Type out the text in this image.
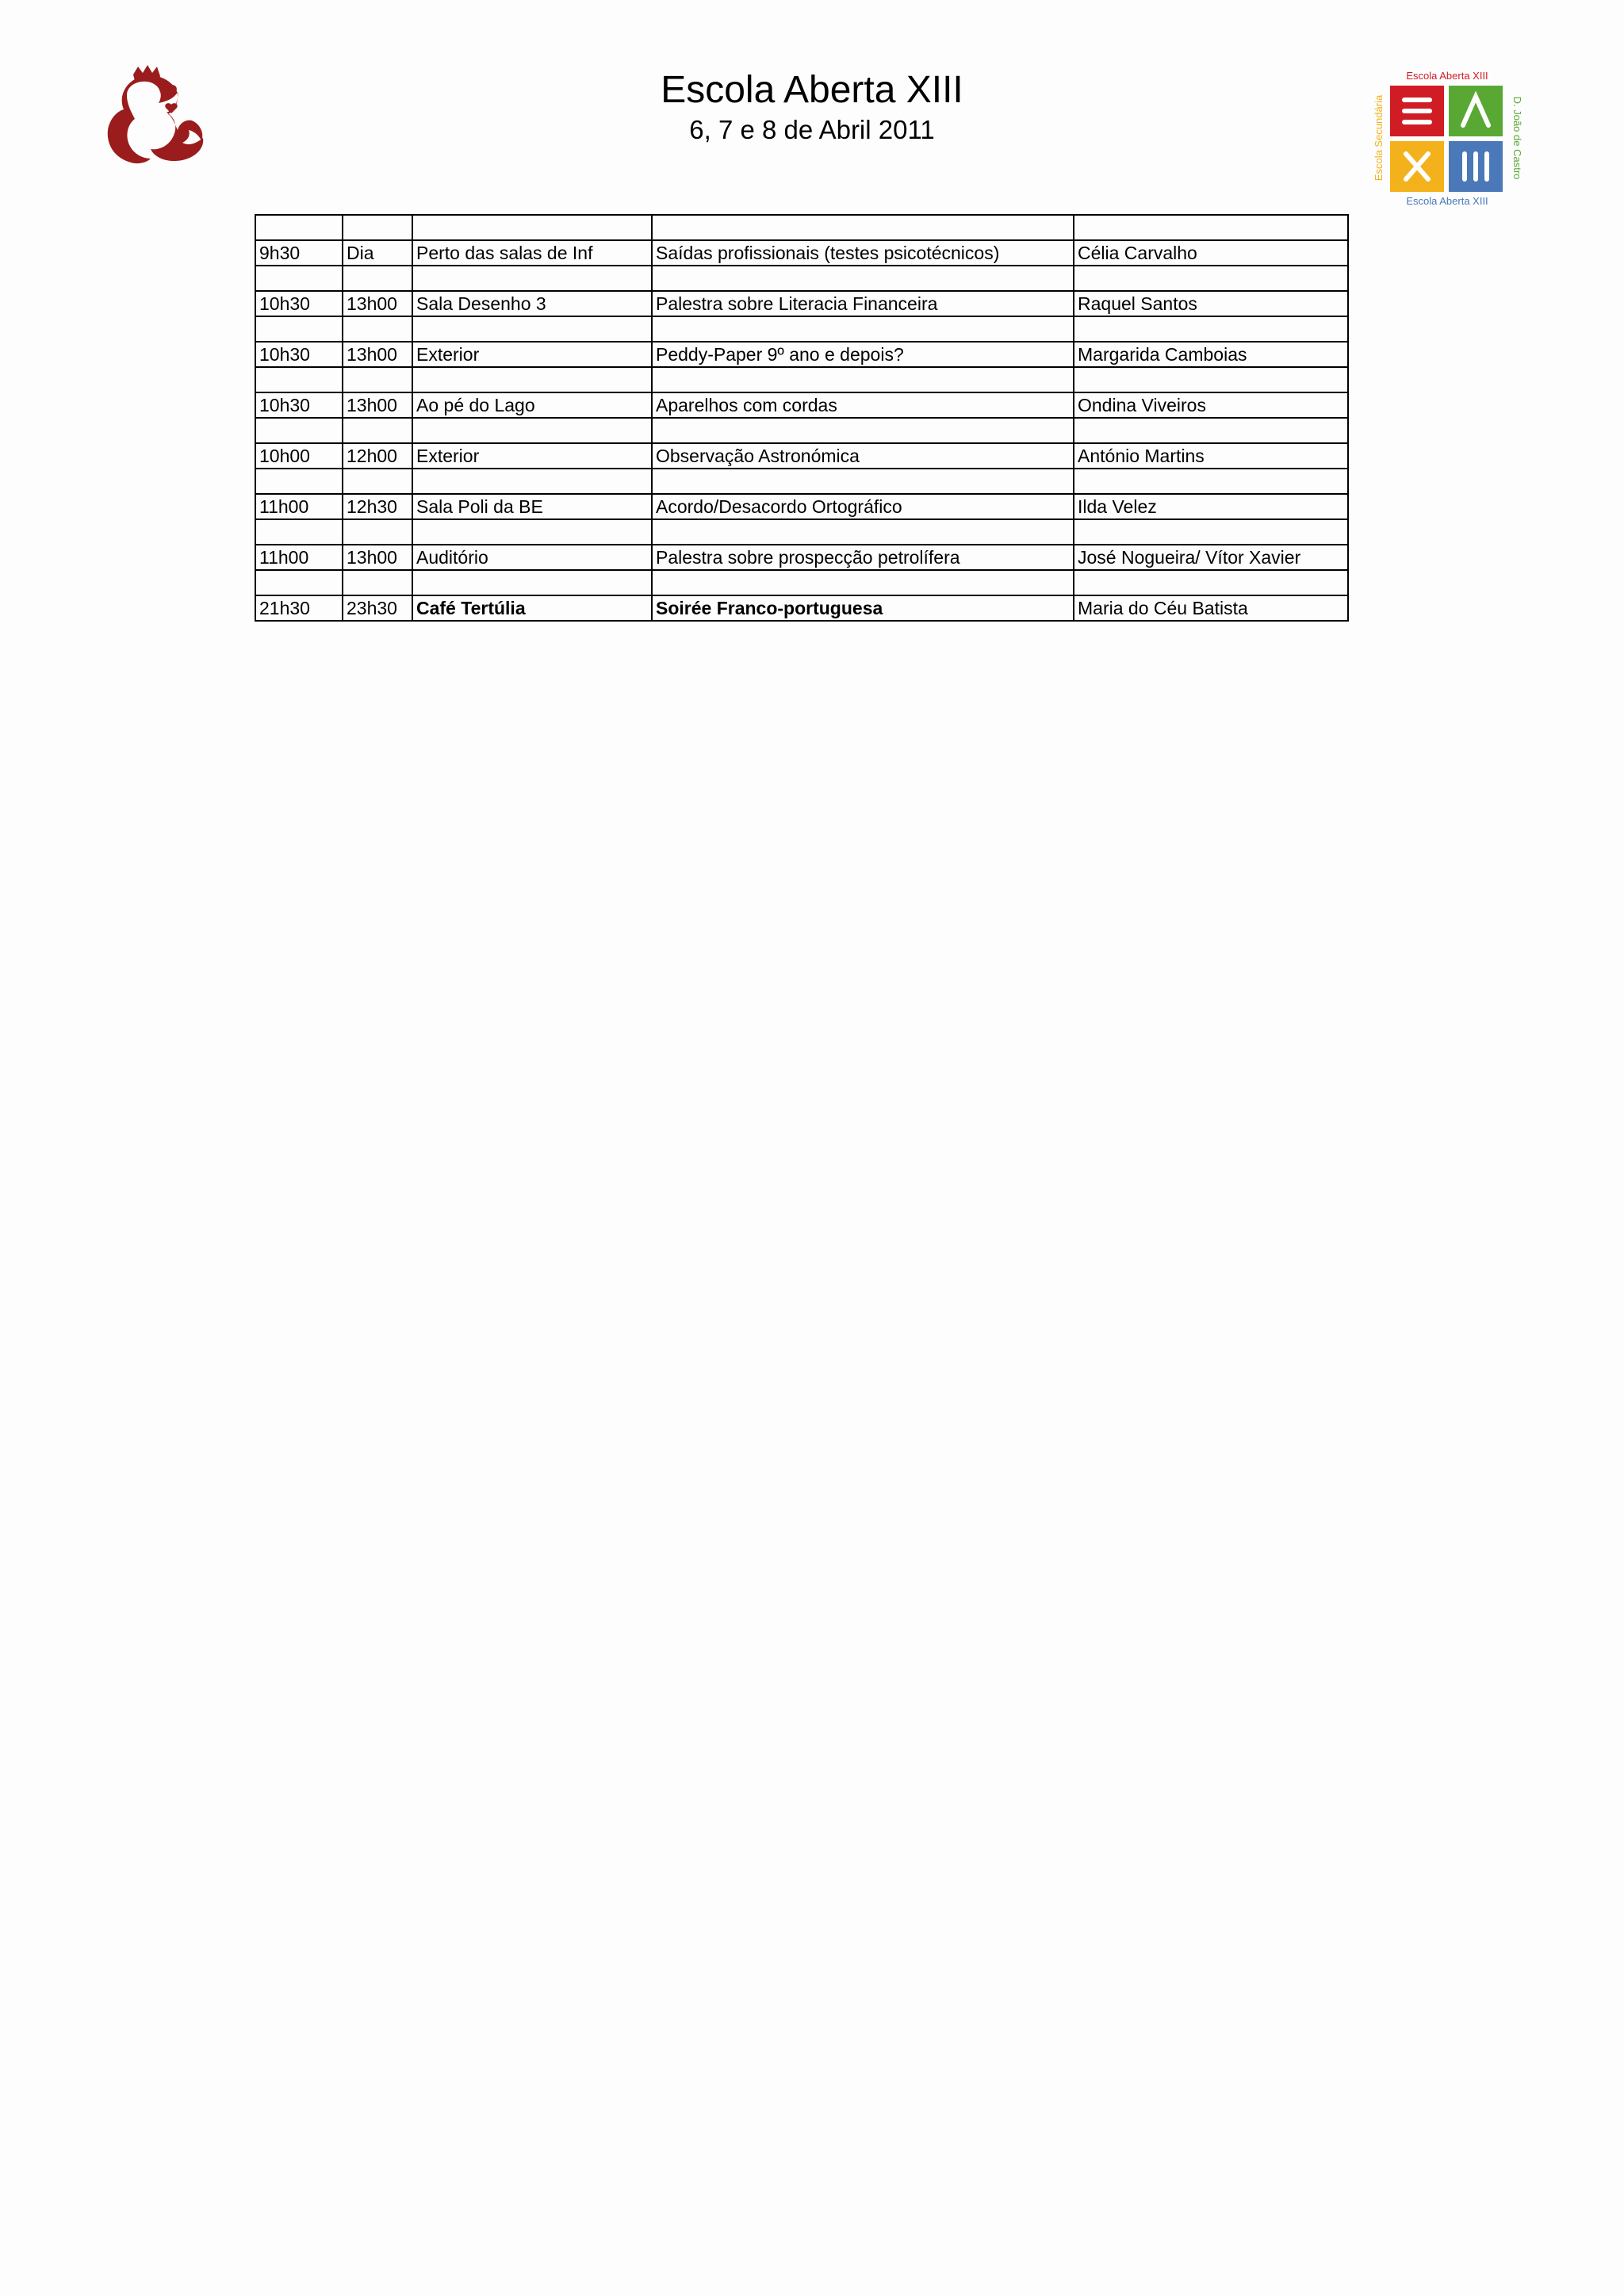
Escola Aberta XIII
6, 7 e 8 de Abril 2011
Escola Aberta XIII
Escola Aberta XIII
Escola Secundária	D. João de Castro

9h30	Dia	Perto das salas de Inf	Saídas profissionais (testes psicotécnicos)	Célia Carvalho

10h30	13h00	Sala Desenho 3	Palestra sobre Literacia Financeira	Raquel Santos

10h30	13h00	Exterior	Peddy-Paper 9º ano e depois?	Margarida Camboias

10h30	13h00	Ao pé do Lago	Aparelhos com cordas	Ondina Viveiros

10h00	12h00	Exterior	Observação Astronómica	António Martins

11h00	12h30	Sala Poli da BE	Acordo/Desacordo Ortográfico	Ilda Velez

11h00	13h00	Auditório	Palestra sobre prospecção petrolífera	José Nogueira/ Vítor Xavier

21h30	23h30	Café Tertúlia	Soirée Franco-portuguesa	Maria do Céu Batista
